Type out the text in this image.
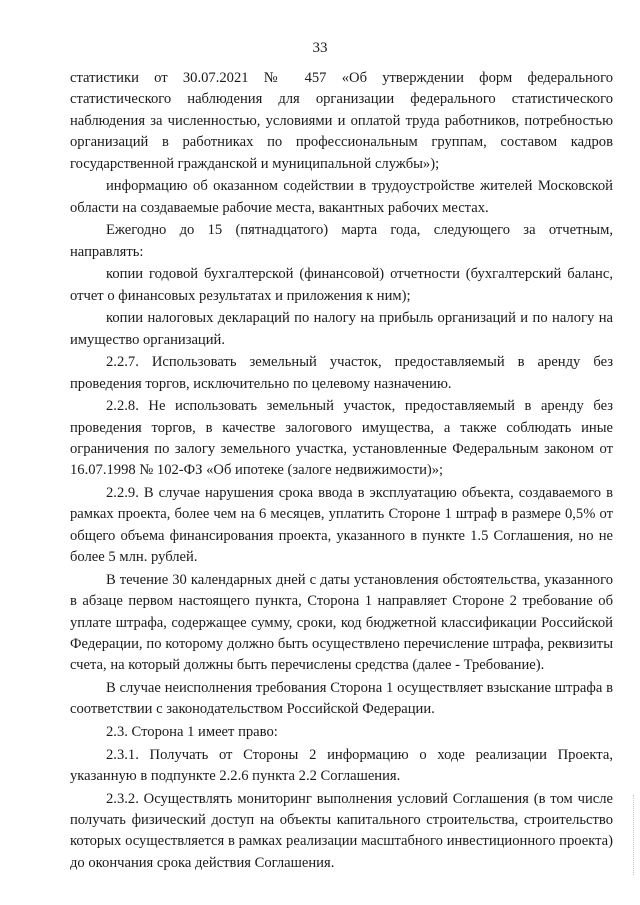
33

статистики от 30.07.2021 № 457 «Об утверждении форм федерального статистического наблюдения для организации федерального статистического наблюдения за численностью, условиями и оплатой труда работников, потребностью организаций в работниках по профессиональным группам, составом кадров государственной гражданской и муниципальной службы»);

информацию об оказанном содействии в трудоустройстве жителей Московской области на создаваемые рабочие места, вакантных рабочих местах.

Ежегодно до 15 (пятнадцатого) марта года, следующего за отчетным, направлять:

копии годовой бухгалтерской (финансовой) отчетности (бухгалтерский баланс, отчет о финансовых результатах и приложения к ним);

копии налоговых деклараций по налогу на прибыль организаций и по налогу на имущество организаций.

2.2.7. Использовать земельный участок, предоставляемый в аренду без проведения торгов, исключительно по целевому назначению.

2.2.8. Не использовать земельный участок, предоставляемый в аренду без проведения торгов, в качестве залогового имущества, а также соблюдать иные ограничения по залогу земельного участка, установленные Федеральным законом от 16.07.1998 № 102-ФЗ «Об ипотеке (залоге недвижимости)»;

2.2.9. В случае нарушения срока ввода в эксплуатацию объекта, создаваемого в рамках проекта, более чем на 6 месяцев, уплатить Стороне 1 штраф в размере 0,5% от общего объема финансирования проекта, указанного в пункте 1.5 Соглашения, но не более 5 млн. рублей.

В течение 30 календарных дней с даты установления обстоятельства, указанного в абзаце первом настоящего пункта, Сторона 1 направляет Стороне 2 требование об уплате штрафа, содержащее сумму, сроки, код бюджетной классификации Российской Федерации, по которому должно быть осуществлено перечисление штрафа, реквизиты счета, на который должны быть перечислены средства (далее - Требование).

В случае неисполнения требования Сторона 1 осуществляет взыскание штрафа в соответствии с законодательством Российской Федерации.

2.3. Сторона 1 имеет право:

2.3.1. Получать от Стороны 2 информацию о ходе реализации Проекта, указанную в подпункте 2.2.6 пункта 2.2 Соглашения.

2.3.2. Осуществлять мониторинг выполнения условий Соглашения (в том числе получать физический доступ на объекты капитального строительства, строительство которых осуществляется в рамках реализации масштабного инвестиционного проекта) до окончания срока действия Соглашения.
